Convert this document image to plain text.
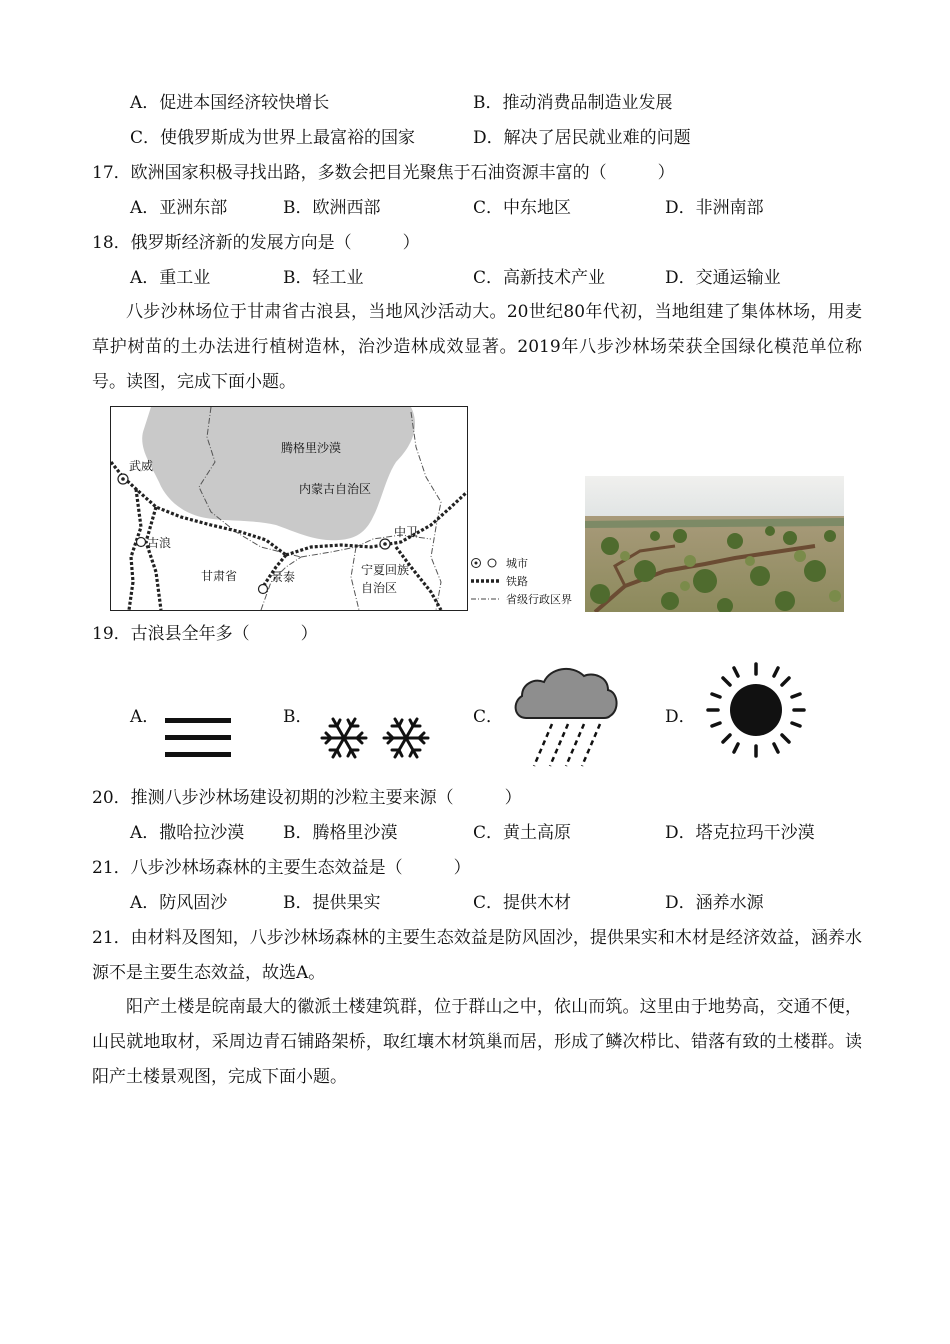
A．促进本国经济较快增长	B．推动消费品制造业发展
C．使俄罗斯成为世界上最富裕的国家	D．解决了居民就业难的问题
17．欧洲国家积极寻找出路，多数会把目光聚焦于石油资源丰富的（　　　）
A．亚洲东部	B．欧洲西部	C．中东地区	D．非洲南部
18．俄罗斯经济新的发展方向是（　　　）
A．重工业	B．轻工业	C．高新技术产业	D．交通运输业
八步沙林场位于甘肃省古浪县，当地风沙活动大。20世纪80年代初，当地组建了集体林场，用麦草护树苗的土办法进行植树造林，治沙造林成效显著。2019年八步沙林场荣获全国绿化模范单位称号。读图，完成下面小题。
腾格里沙漠
内蒙古自治区
武威
古浪
甘肃省	景泰
中卫
宁夏回族
自治区
城市
铁路
省级行政区界
19．古浪县全年多（　　　）
A．	B．	C．	D．
20．推测八步沙林场建设初期的沙粒主要来源（　　　）
A．撒哈拉沙漠 B．腾格里沙漠	C．黄土高原	D．塔克拉玛干沙漠
21．八步沙林场森林的主要生态效益是（　　　）
A．防风固沙	B．提供果实	C．提供木材	D．涵养水源
21．由材料及图知，八步沙林场森林的主要生态效益是防风固沙，提供果实和木材是经济效益，涵养水源不是主要生态效益，故选A。
阳产土楼是皖南最大的徽派土楼建筑群，位于群山之中，依山而筑。这里由于地势高，交通不便，山民就地取材，采周边青石铺路架桥，取红壤木材筑巢而居，形成了鳞次栉比、错落有致的土楼群。读阳产土楼景观图，完成下面小题。
